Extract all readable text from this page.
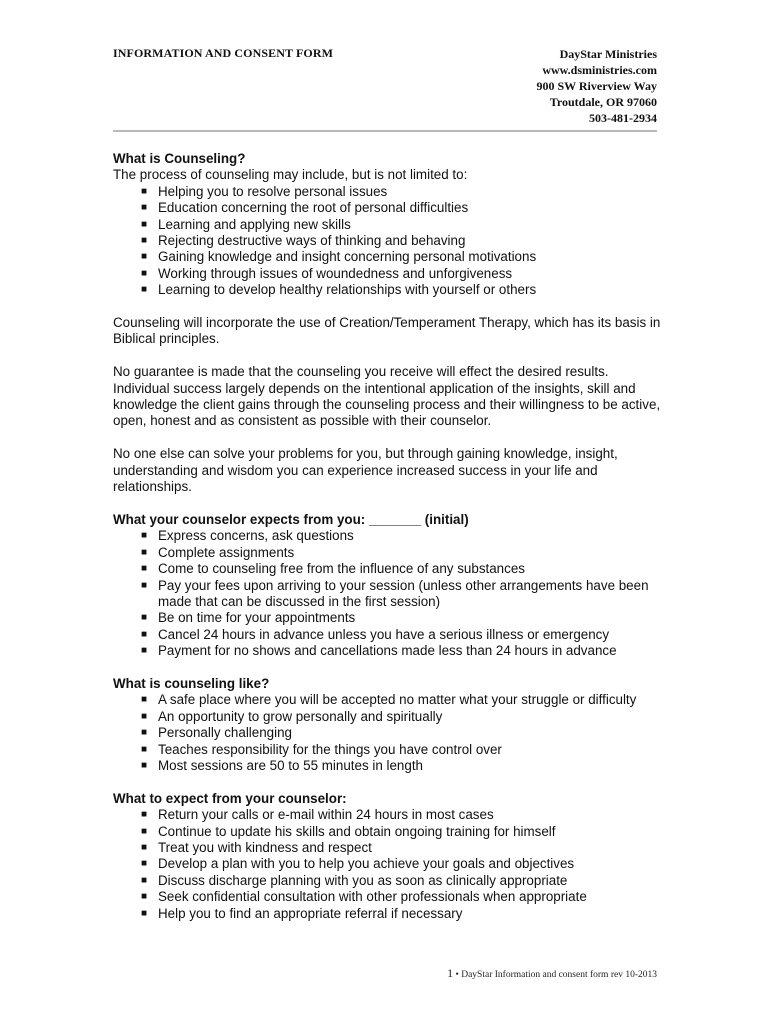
INFORMATION AND CONSENT FORM	DayStar Ministries
www.dsministries.com
900 SW Riverview Way
Troutdale, OR 97060
503-481-2934
What is Counseling?

The process of counseling may include, but is not limited to:

■ Helping you to resolve personal issues
■ Education concerning the root of personal difficulties
■ Learning and applying new skills
■ Rejecting destructive ways of thinking and behaving
■ Gaining knowledge and insight concerning personal motivations
■ Working through issues of woundedness and unforgiveness
■ Learning to develop healthy relationships with yourself or others

Counseling will incorporate the use of Creation/Temperament Therapy, which has its basis in Biblical principles.

No guarantee is made that the counseling you receive will effect the desired results. Individual success largely depends on the intentional application of the insights, skill and knowledge the client gains through the counseling process and their willingness to be active, open, honest and as consistent as possible with their counselor.

No one else can solve your problems for you, but through gaining knowledge, insight, understanding and wisdom you can experience increased success in your life and relationships.

What your counselor expects from you: _______ (initial)
■ Express concerns, ask questions
■ Complete assignments
■ Come to counseling free from the influence of any substances
■ Pay your fees upon arriving to your session (unless other arrangements have been made that can be discussed in the first session)
■ Be on time for your appointments
■ Cancel 24 hours in advance unless you have a serious illness or emergency
■ Payment for no shows and cancellations made less than 24 hours in advance
What is counseling like?
■ A safe place where you will be accepted no matter what your struggle or difficulty
■ An opportunity to grow personally and spiritually
■ Personally challenging
■ Teaches responsibility for the things you have control over
■ Most sessions are 50 to 55 minutes in length
What to expect from your counselor:
■ Return your calls or e-mail within 24 hours in most cases
■ Continue to update his skills and obtain ongoing training for himself
■ Treat you with kindness and respect
■ Develop a plan with you to help you achieve your goals and objectives
■ Discuss discharge planning with you as soon as clinically appropriate
■ Seek confidential consultation with other professionals when appropriate
■ Help you to find an appropriate referral if necessary
1 • DayStar Information and consent form rev 10-2013
